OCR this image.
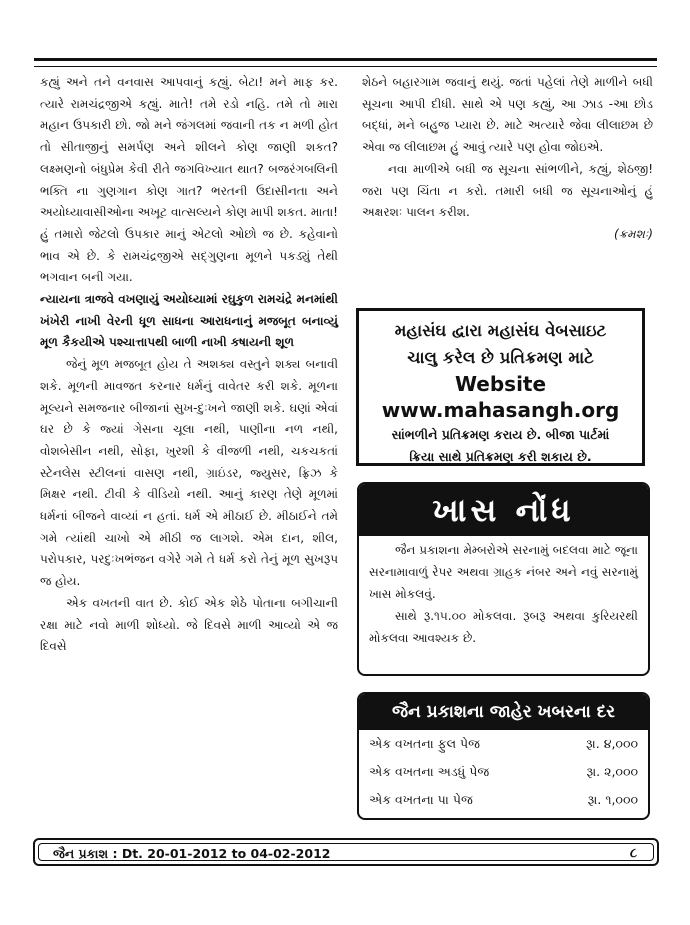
કહ્યું અને તને વનવાસ આપવાનું કહ્યું. બેટા! મને માફ કર. ત્યારે રામચંદ્રજીએ કહ્યું. માતે! તમે રડો નહિ. તમે તો મારા મહાન ઉપકારી છો. જો મને જંગલમાં જવાની તક ન મળી હોત તો સીતાજીનું સમર્પણ અને શીલને કોણ જાણી શકત? લક્ષ્મણનો બંધુપ્રેમ કેવી રીતે જગવિખ્યાત થાત? બજરંગબલિની ભક્તિ ના ગુણગાન કોણ ગાત? ભરતની ઉદાસીનતા અને અયોધ્યાવાસીઓના અખૂટ વાત્સલ્યને કોણ માપી શકત. માતા! હું તમારો જેટલો ઉપકાર માનું એટલો ઓછો જ છે. કહેવાનો ભાવ એ છે. કે રામચંદ્રજીએ સદ્ગુણના મૂળને પકડ્યું તેથી ભગવાન બની ગયા.

ન્યાયના ત્રાજવે વખણાયું અયોધ્યામાં રઘુકુળ રામચંદ્રે મનમાંથી ખંખેરી નાખી વેરની ધૂળ સાધના આરાધનાનું મજબૂત બનાવ્યું મૂળ કૈકયીએ પશ્ચાત્તાપથી બાળી નાખી કષાયની શૂળ

જેનું મૂળ મજબૂત હોય તે અશક્ય વસ્તુને શક્ય બનાવી શકે. મૂળની માવજત કરનાર ધર્મનું વાવેતર કરી શકે. મૂળના મૂલ્યને સમજનાર બીજાનાં સુખ-દુઃખને જાણી શકે. ઘણાં એવાં ઘર છે કે જ્યાં ગેસના ચૂલા નથી, પાણીના નળ નથી, વોશબેસીન નથી, સોફા, ખુરશી કે વીજળી નથી, ચકચકતાં સ્ટેનલેસ સ્ટીલનાં વાસણ નથી, ગ્રાઇંડર, જ્યુસર, ફ્રિઝ કે મિક્ષર નથી. ટીવી કે વીડિયો નથી. આનું કારણ તેણે મૂળમાં ધર્મનાં બીજને વાવ્યાં ન હતાં. ધર્મ એ મીઠાઈ છે. મીઠાઈને તમે ગમે ત્યાંથી ચાખો એ મીઠી જ લાગશે. એમ દાન, શીલ, પરોપકાર, પરદુઃખભંજન વગેરે ગમે તે ધર્મ કરો તેનું મૂળ સુખરૂપ જ હોય.

એક વખતની વાત છે. કોઈ એક શેઠે પોતાના બગીચાની રક્ષા માટે નવો માળી શોધ્યો. જે દિવસે માળી આવ્યો એ જ દિવસે

શેઠને બહારગામ જવાનું થયું. જતાં પહેલાં તેણે માળીને બધી સૂચના આપી દીધી. સાથે એ પણ કહ્યું, આ ઝાડ -આ છોડ બદ્ધાં, મને બહુજ પ્યારા છે. માટે અત્યારે જેવા લીલાછમ છે એવા જ લીલાછમ હું આવું ત્યારે પણ હોવા જોઇએ.

નવા માળીએ બધી જ સૂચના સાંભળીને, કહ્યું, શેઠજી! જરા પણ ચિંતા ન કરો. તમારી બધી જ સૂચનાઓનું હું અક્ષરશઃ પાલન કરીશ.

(ક્રમશઃ)

મહાસંઘ દ્વારા મહાસંઘ વેબસાઇટ
ચાલુ કરેલ છે પ્રતિક્રમણ માટે
Website
www.mahasangh.org
સાંભળીને પ્રતિક્રમણ કરાય છે. બીજા પાર્ટમાં
ક્રિયા સાથે પ્રતિક્રમણ કરી શકાય છે.
ખાસ નોંધ

જૈન પ્રકાશના મેમ્બરોએ સરનામું બદલવા માટે જૂના સરનામાવાળું રેપર અથવા ગ્રાહક નંબર અને નવું સરનામું ખાસ મોકલવું.

સાથે રૂ.૧૫.૦૦ મોકલવા. રૂબરૂ અથવા કુરિયરથી મોકલવા આવશ્યક છે.

જૈન પ્રકાશના જાહેર ખબરના દર
એક વખતના ફુલ પેજ	રૂા. ૪,૦૦૦
એક વખતના અડધું પેજ	રૂા. ૨,૦૦૦
એક વખતના પા પેજ	રૂા. ૧,૦૦૦
જૈન પ્રકાશ : Dt. 20-01-2012 to 04-02-2012	૮
